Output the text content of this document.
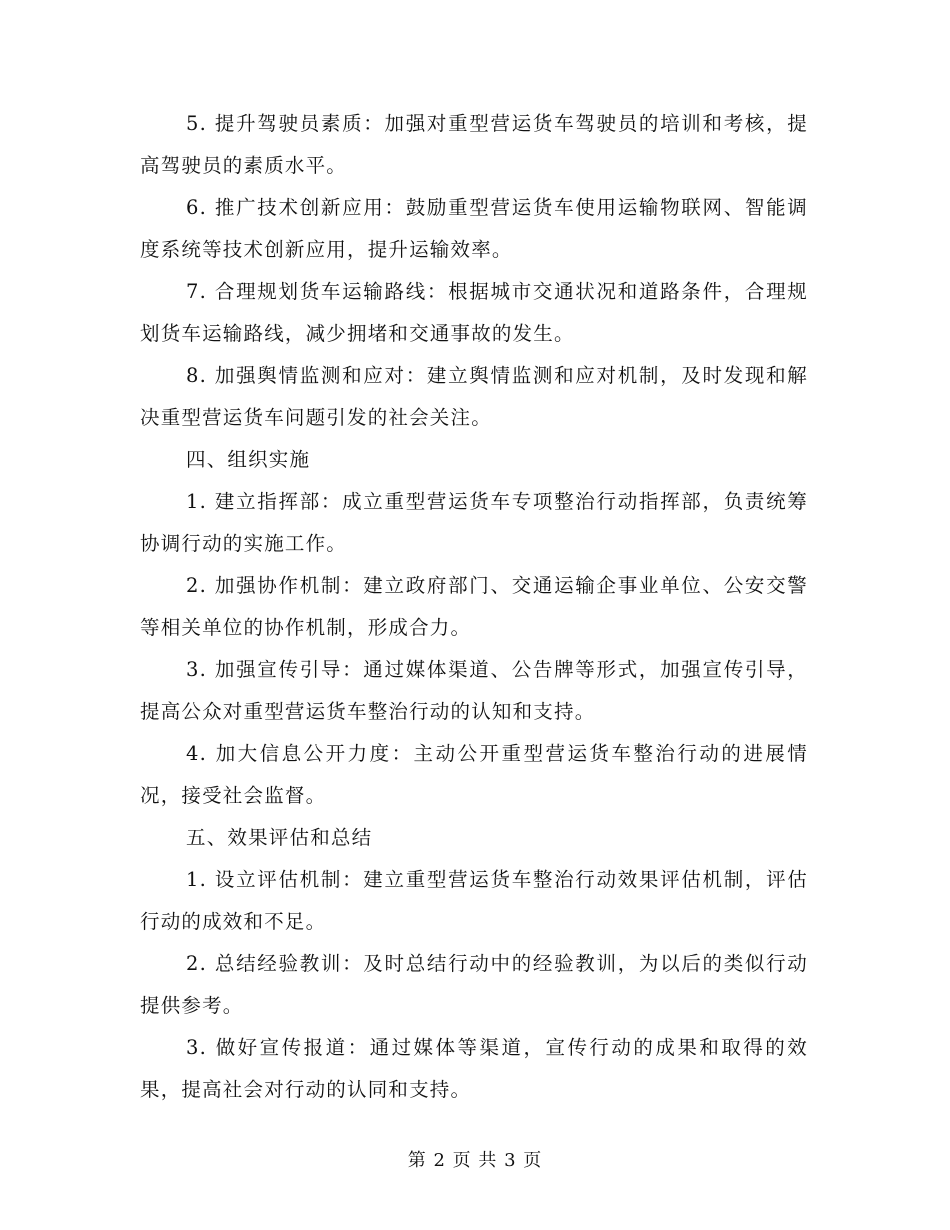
5. 提升驾驶员素质：加强对重型营运货车驾驶员的培训和考核，提高驾驶员的素质水平。

6. 推广技术创新应用：鼓励重型营运货车使用运输物联网、智能调度系统等技术创新应用，提升运输效率。

7. 合理规划货车运输路线：根据城市交通状况和道路条件，合理规划货车运输路线，减少拥堵和交通事故的发生。

8. 加强舆情监测和应对：建立舆情监测和应对机制，及时发现和解决重型营运货车问题引发的社会关注。

四、组织实施

1. 建立指挥部：成立重型营运货车专项整治行动指挥部，负责统筹协调行动的实施工作。

2. 加强协作机制：建立政府部门、交通运输企事业单位、公安交警等相关单位的协作机制，形成合力。

3. 加强宣传引导：通过媒体渠道、公告牌等形式，加强宣传引导，提高公众对重型营运货车整治行动的认知和支持。

4. 加大信息公开力度：主动公开重型营运货车整治行动的进展情况，接受社会监督。

五、效果评估和总结

1. 设立评估机制：建立重型营运货车整治行动效果评估机制，评估行动的成效和不足。

2. 总结经验教训：及时总结行动中的经验教训，为以后的类似行动提供参考。

3. 做好宣传报道：通过媒体等渠道，宣传行动的成果和取得的效果，提高社会对行动的认同和支持。

第 2 页 共 3 页
